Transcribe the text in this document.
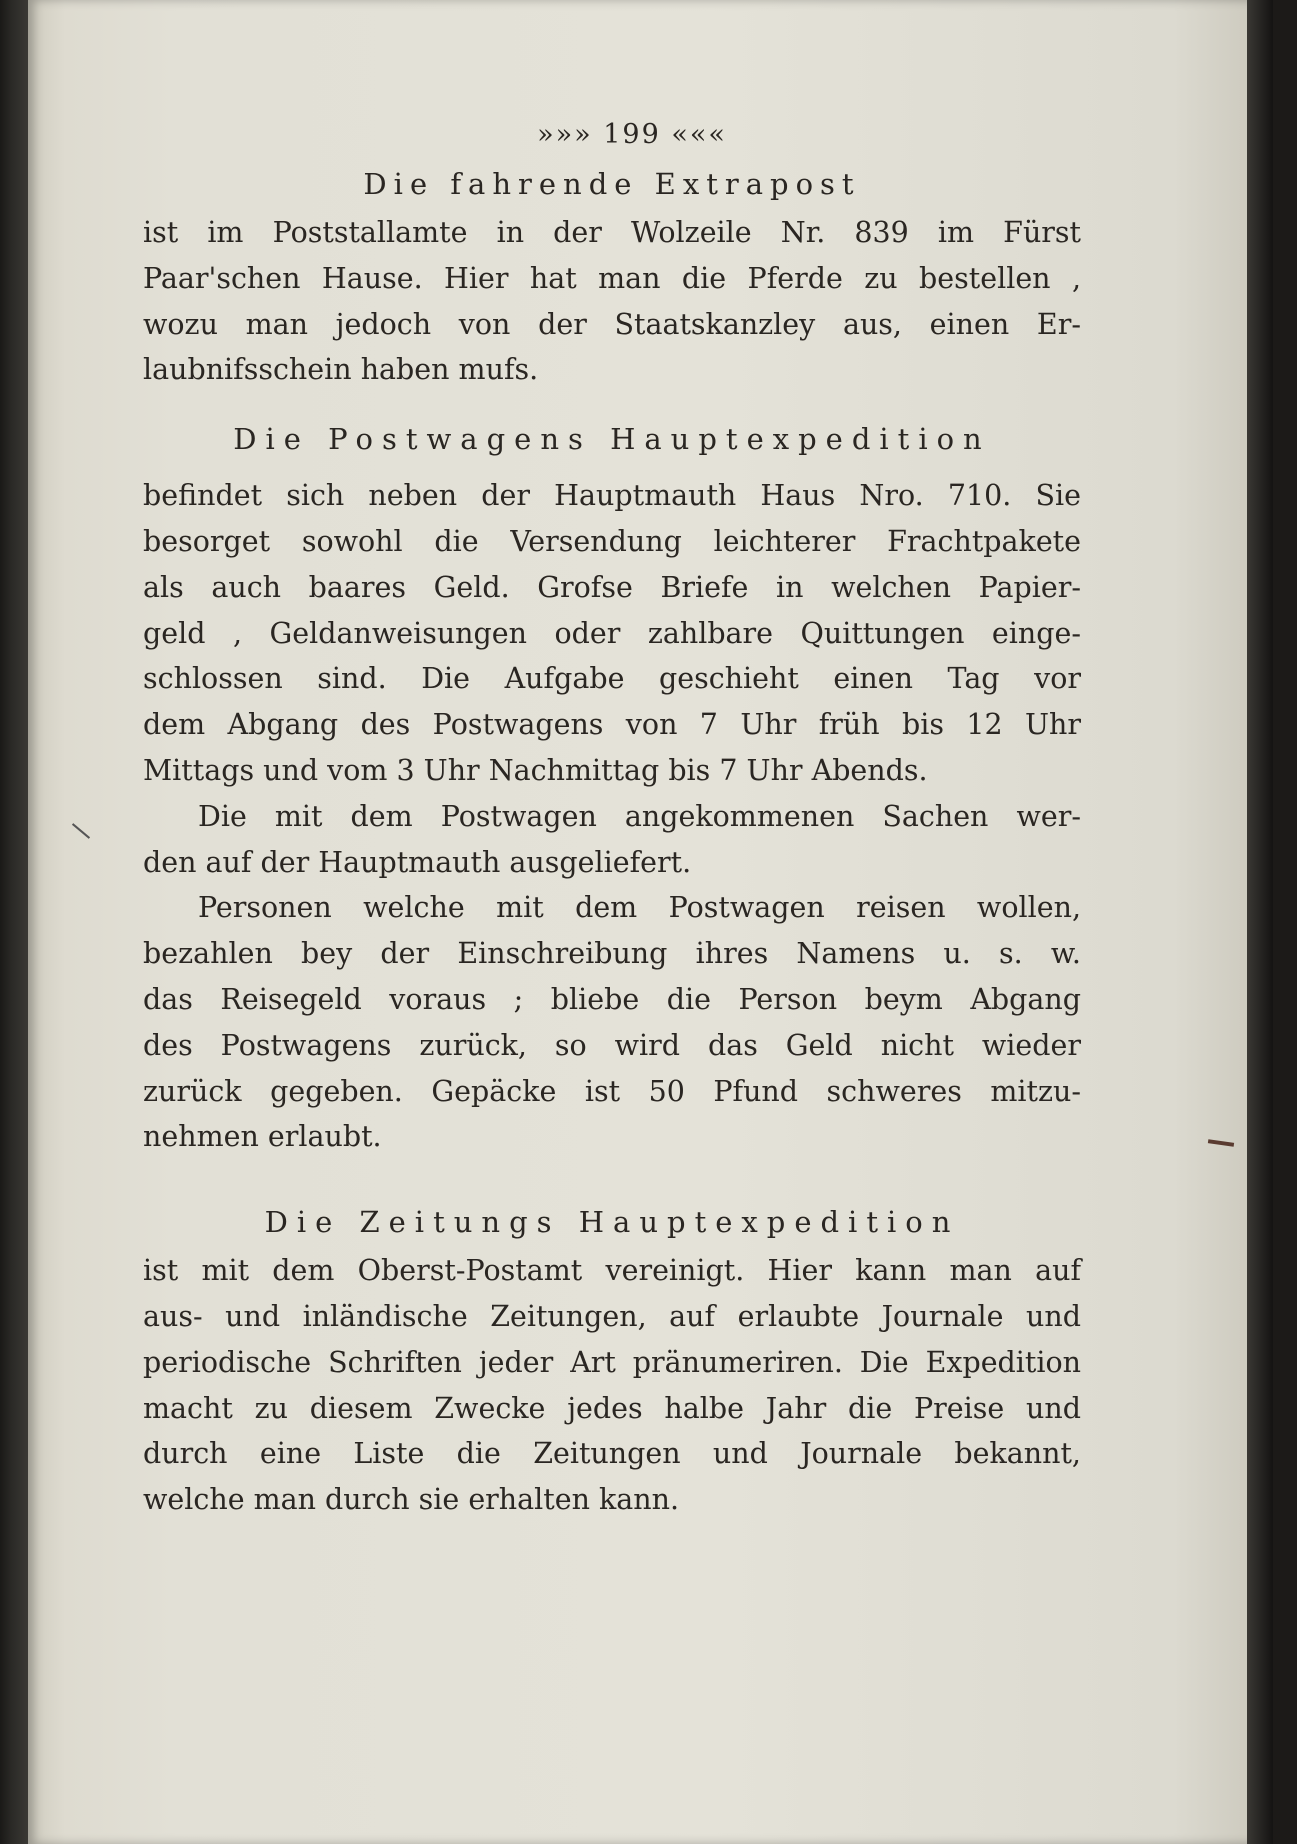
»»» 199 «««
Die fahrende Extrapost
ist im Poststallamte in der Wolzeile Nr. 839 im Fürst
Paar'schen Hause. Hier hat man die Pferde zu bestellen ,
wozu man jedoch von der Staatskanzley aus, einen Er-
laubnifsschein haben mufs.
Die Postwagens Hauptexpedition
befindet sich neben der Hauptmauth Haus Nro. 710. Sie
besorget sowohl die Versendung leichterer Frachtpakete
als auch baares Geld. Grofse Briefe in welchen Papier-
geld , Geldanweisungen oder zahlbare Quittungen einge-
schlossen sind. Die Aufgabe geschieht einen Tag vor
dem Abgang des Postwagens von 7 Uhr früh bis 12 Uhr
Mittags und vom 3 Uhr Nachmittag bis 7 Uhr Abends.
Die mit dem Postwagen angekommenen Sachen wer-
den auf der Hauptmauth ausgeliefert.
Personen welche mit dem Postwagen reisen wollen,
bezahlen bey der Einschreibung ihres Namens u. s. w.
das Reisegeld voraus ; bliebe die Person beym Abgang
des Postwagens zurück, so wird das Geld nicht wieder
zurück gegeben. Gepäcke ist 50 Pfund schweres mitzu-
nehmen erlaubt.
Die Zeitungs Hauptexpedition
ist mit dem Oberst-Postamt vereinigt. Hier kann man auf
aus- und inländische Zeitungen, auf erlaubte Journale und
periodische Schriften jeder Art pränumeriren. Die Expedition
macht zu diesem Zwecke jedes halbe Jahr die Preise und
durch eine Liste die Zeitungen und Journale bekannt,
welche man durch sie erhalten kann.
